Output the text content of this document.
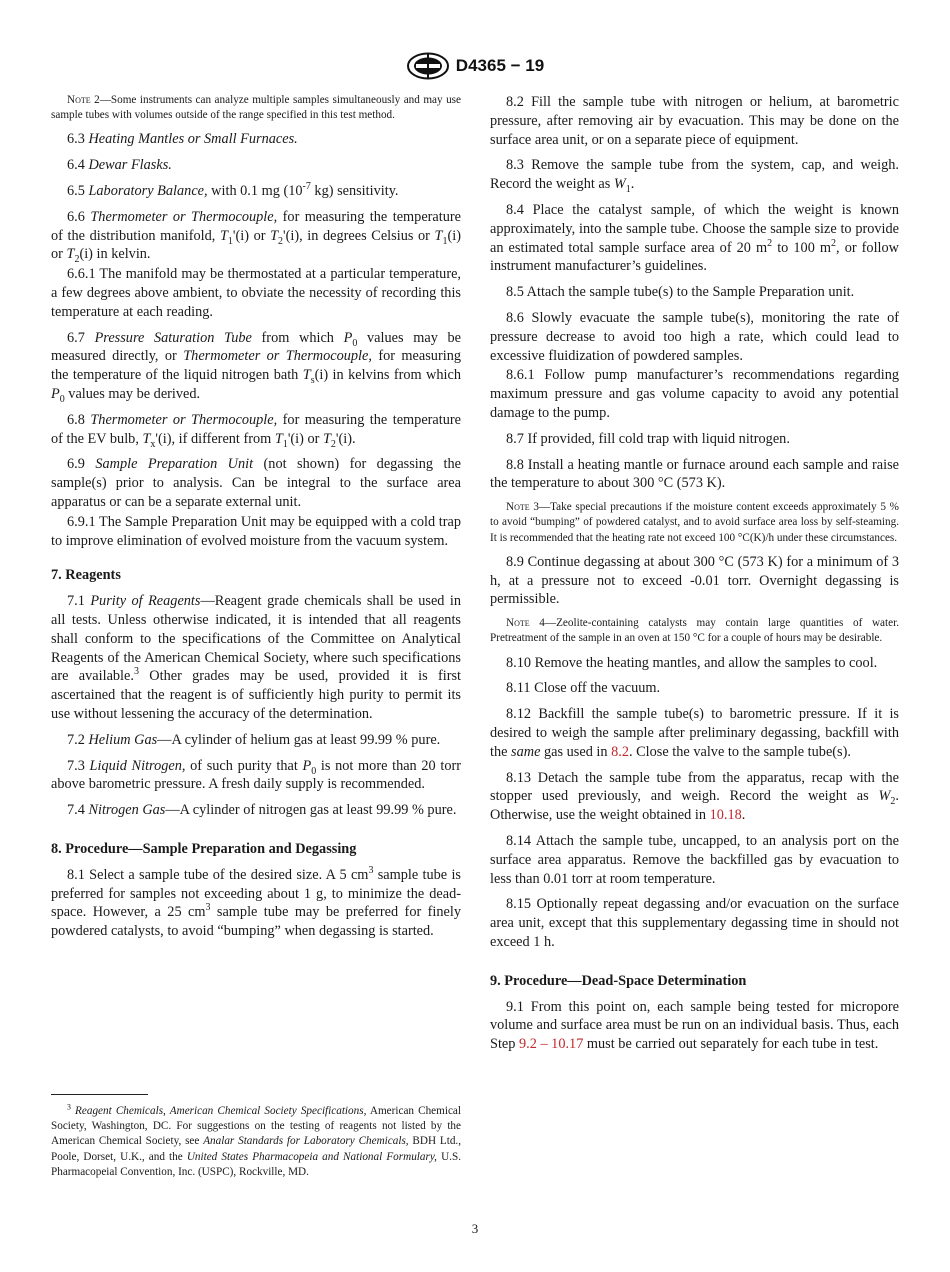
D4365 − 19

Note 2—Some instruments can analyze multiple samples simultaneously and may use sample tubes with volumes outside of the range specified in this test method.

6.3 Heating Mantles or Small Furnaces.

6.4 Dewar Flasks.

6.5 Laboratory Balance, with 0.1 mg ($10^{-7}$ kg) sensitivity.

6.6 Thermometer or Thermocouple, for measuring the temperature of the distribution manifold, $T_1'(i)$ or $T_2'(i)$, in degrees Celsius or $T_1(i)$ or $T_2(i)$ in kelvin.

6.6.1 The manifold may be thermostated at a particular temperature, a few degrees above ambient, to obviate the necessity of recording this temperature at each reading.

6.7 Pressure Saturation Tube from which $P_0$ values may be measured directly, or Thermometer or Thermocouple, for measuring the temperature of the liquid nitrogen bath $T_s(i)$ in kelvins from which $P_0$ values may be derived.

6.8 Thermometer or Thermocouple, for measuring the temperature of the EV bulb, $T_x'(i)$, if different from $T_1'(i)$ or $T_2'(i)$.

6.9 Sample Preparation Unit (not shown) for degassing the sample(s) prior to analysis. Can be integral to the surface area apparatus or can be a separate external unit.

6.9.1 The Sample Preparation Unit may be equipped with a cold trap to improve elimination of evolved moisture from the vacuum system.

7. Reagents

7.1 Purity of Reagents—Reagent grade chemicals shall be used in all tests. Unless otherwise indicated, it is intended that all reagents shall conform to the specifications of the Committee on Analytical Reagents of the American Chemical Society, where such specifications are available.$^3$ Other grades may be used, provided it is first ascertained that the reagent is of sufficiently high purity to permit its use without lessening the accuracy of the determination.

7.2 Helium Gas—A cylinder of helium gas at least 99.99 % pure.

7.3 Liquid Nitrogen, of such purity that $P_0$ is not more than 20 torr above barometric pressure. A fresh daily supply is recommended.

7.4 Nitrogen Gas—A cylinder of nitrogen gas at least 99.99 % pure.

8. Procedure—Sample Preparation and Degassing

8.1 Select a sample tube of the desired size. A 5 $cm^3$ sample tube is preferred for samples not exceeding about 1 g, to minimize the dead-space. However, a 25 $cm^3$ sample tube may be preferred for finely powdered catalysts, to avoid “bumping” when degassing is started.

$^3$ Reagent Chemicals, American Chemical Society Specifications, American Chemical Society, Washington, DC. For suggestions on the testing of reagents not listed by the American Chemical Society, see Analar Standards for Laboratory Chemicals, BDH Ltd., Poole, Dorset, U.K., and the United States Pharmacopeia and National Formulary, U.S. Pharmacopeial Convention, Inc. (USPC), Rockville, MD.

8.2 Fill the sample tube with nitrogen or helium, at barometric pressure, after removing air by evacuation. This may be done on the surface area unit, or on a separate piece of equipment.

8.3 Remove the sample tube from the system, cap, and weigh. Record the weight as $W_1$.

8.4 Place the catalyst sample, of which the weight is known approximately, into the sample tube. Choose the sample size to provide an estimated total sample surface area of 20 $m^2$ to 100 $m^2$, or follow instrument manufacturer’s guidelines.

8.5 Attach the sample tube(s) to the Sample Preparation unit.

8.6 Slowly evacuate the sample tube(s), monitoring the rate of pressure decrease to avoid too high a rate, which could lead to excessive fluidization of powdered samples.

8.6.1 Follow pump manufacturer’s recommendations regarding maximum pressure and gas volume capacity to avoid any potential damage to the pump.

8.7 If provided, fill cold trap with liquid nitrogen.

8.8 Install a heating mantle or furnace around each sample and raise the temperature to about 300 °C (573 K).

Note 3—Take special precautions if the moisture content exceeds approximately 5 % to avoid “bumping” of powdered catalyst, and to avoid surface area loss by self-steaming. It is recommended that the heating rate not exceed 100 °C(K)/h under these circumstances.

8.9 Continue degassing at about 300 °C (573 K) for a minimum of 3 h, at a pressure not to exceed -0.01 torr. Overnight degassing is permissible.

Note 4—Zeolite-containing catalysts may contain large quantities of water. Pretreatment of the sample in an oven at 150 °C for a couple of hours may be desirable.

8.10 Remove the heating mantles, and allow the samples to cool.

8.11 Close off the vacuum.

8.12 Backfill the sample tube(s) to barometric pressure. If it is desired to weigh the sample after preliminary degassing, backfill with the same gas used in 8.2. Close the valve to the sample tube(s).

8.13 Detach the sample tube from the apparatus, recap with the stopper used previously, and weigh. Record the weight as $W_2$. Otherwise, use the weight obtained in 10.18.

8.14 Attach the sample tube, uncapped, to an analysis port on the surface area apparatus. Remove the backfilled gas by evacuation to less than 0.01 torr at room temperature.

8.15 Optionally repeat degassing and/or evacuation on the surface area unit, except that this supplementary degassing time in should not exceed 1 h.

9. Procedure—Dead-Space Determination

9.1 From this point on, each sample being tested for micropore volume and surface area must be run on an individual basis. Thus, each Step 9.2 – 10.17 must be carried out separately for each tube in test.

3
